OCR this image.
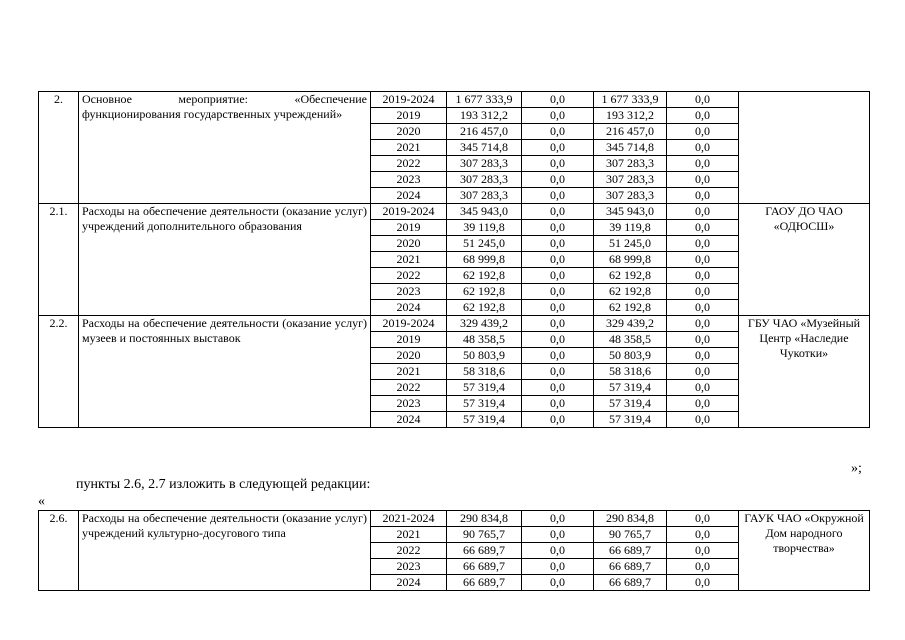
2.	Основное мероприятие: «Обеспечение функционирования государственных учреждений»	2019-2024	1 677 333,9	0,0	1 677 333,9	0,0	
		2019	193 312,2	0,0	193 312,2	0,0	
		2020	216 457,0	0,0	216 457,0	0,0	
		2021	345 714,8	0,0	345 714,8	0,0	
		2022	307 283,3	0,0	307 283,3	0,0	
		2023	307 283,3	0,0	307 283,3	0,0	
		2024	307 283,3	0,0	307 283,3	0,0	
2.1.	Расходы на обеспечение деятельности (оказание услуг) учреждений дополнительного образования	2019-2024	345 943,0	0,0	345 943,0	0,0	ГАОУ ДО ЧАО «ОДЮСШ»
		2019	39 119,8	0,0	39 119,8	0,0	
		2020	51 245,0	0,0	51 245,0	0,0	
		2021	68 999,8	0,0	68 999,8	0,0	
		2022	62 192,8	0,0	62 192,8	0,0	
		2023	62 192,8	0,0	62 192,8	0,0	
		2024	62 192,8	0,0	62 192,8	0,0	
2.2.	Расходы на обеспечение деятельности (оказание услуг) музеев и постоянных выставок	2019-2024	329 439,2	0,0	329 439,2	0,0	ГБУ ЧАО «Музейный Центр «Наследие Чукотки»
		2019	48 358,5	0,0	48 358,5	0,0	
		2020	50 803,9	0,0	50 803,9	0,0	
		2021	58 318,6	0,0	58 318,6	0,0	
		2022	57 319,4	0,0	57 319,4	0,0	
		2023	57 319,4	0,0	57 319,4	0,0	
		2024	57 319,4	0,0	57 319,4	0,0	
»;
пункты 2.6, 2.7 изложить в следующей редакции:
«
2.6.	Расходы на обеспечение деятельности (оказание услуг) учреждений культурно-досугового типа	2021-2024	290 834,8	0,0	290 834,8	0,0	ГАУК ЧАО «Окружной Дом народного творчества»
		2021	90 765,7	0,0	90 765,7	0,0	
		2022	66 689,7	0,0	66 689,7	0,0	
		2023	66 689,7	0,0	66 689,7	0,0	
		2024	66 689,7	0,0	66 689,7	0,0	
